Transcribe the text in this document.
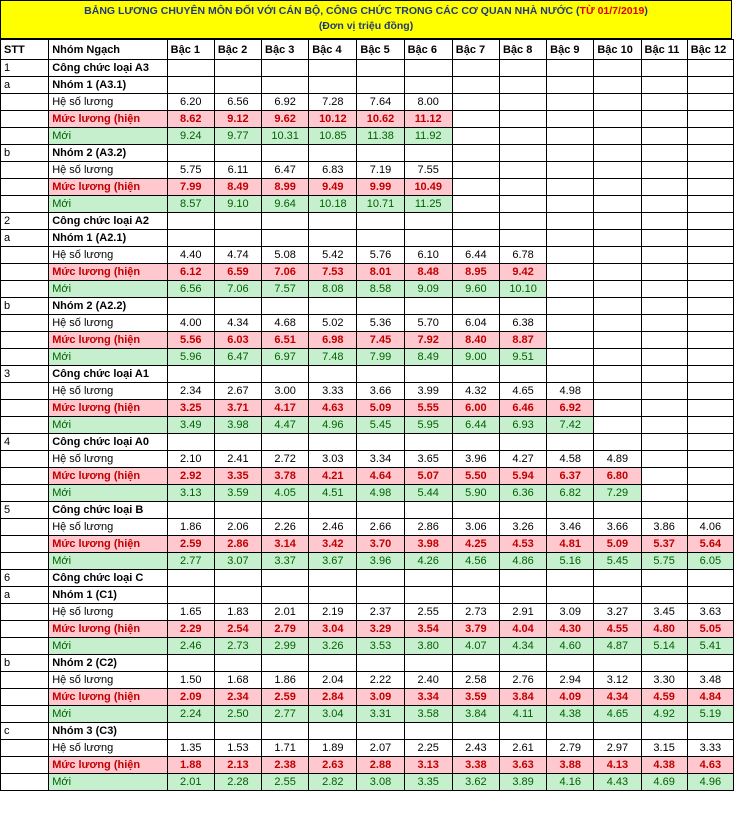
BẢNG LƯƠNG CHUYÊN MÔN ĐỐI VỚI CÁN BỘ, CÔNG CHỨC TRONG CÁC CƠ QUAN NHÀ NƯỚC (TỪ 01/7/2019)
(Đơn vị triệu đồng)
STT	Nhóm Ngạch	Bậc 1	Bậc 2	Bậc 3	Bậc 4	Bậc 5	Bậc 6	Bậc 7	Bậc 8	Bậc 9	Bậc 10	Bậc 11	Bậc 12
1	Công chức loại A3												
a	Nhóm 1 (A3.1)												
	Hệ số lương	6.20	6.56	6.92	7.28	7.64	8.00						
	Mức lương (hiện	8.62	9.12	9.62	10.12	10.62	11.12						
	Mới	9.24	9.77	10.31	10.85	11.38	11.92						
b	Nhóm 2 (A3.2)												
	Hệ số lương	5.75	6.11	6.47	6.83	7.19	7.55						
	Mức lương (hiện	7.99	8.49	8.99	9.49	9.99	10.49						
	Mới	8.57	9.10	9.64	10.18	10.71	11.25						
2	Công chức loại A2												
a	Nhóm 1 (A2.1)												
	Hệ số lương	4.40	4.74	5.08	5.42	5.76	6.10	6.44	6.78				
	Mức lương (hiện	6.12	6.59	7.06	7.53	8.01	8.48	8.95	9.42				
	Mới	6.56	7.06	7.57	8.08	8.58	9.09	9.60	10.10				
b	Nhóm 2 (A2.2)												
	Hệ số lương	4.00	4.34	4.68	5.02	5.36	5.70	6.04	6.38				
	Mức lương (hiện	5.56	6.03	6.51	6.98	7.45	7.92	8.40	8.87				
	Mới	5.96	6.47	6.97	7.48	7.99	8.49	9.00	9.51				
3	Công chức loại A1												
	Hệ số lương	2.34	2.67	3.00	3.33	3.66	3.99	4.32	4.65	4.98			
	Mức lương (hiện	3.25	3.71	4.17	4.63	5.09	5.55	6.00	6.46	6.92			
	Mới	3.49	3.98	4.47	4.96	5.45	5.95	6.44	6.93	7.42			
4	Công chức loại A0												
	Hệ số lương	2.10	2.41	2.72	3.03	3.34	3.65	3.96	4.27	4.58	4.89		
	Mức lương (hiện	2.92	3.35	3.78	4.21	4.64	5.07	5.50	5.94	6.37	6.80		
	Mới	3.13	3.59	4.05	4.51	4.98	5.44	5.90	6.36	6.82	7.29		
5	Công chức loại B												
	Hệ số lương	1.86	2.06	2.26	2.46	2.66	2.86	3.06	3.26	3.46	3.66	3.86	4.06
	Mức lương (hiện	2.59	2.86	3.14	3.42	3.70	3.98	4.25	4.53	4.81	5.09	5.37	5.64
	Mới	2.77	3.07	3.37	3.67	3.96	4.26	4.56	4.86	5.16	5.45	5.75	6.05
6	Công chức loại C												
a	Nhóm 1 (C1)												
	Hệ số lương	1.65	1.83	2.01	2.19	2.37	2.55	2.73	2.91	3.09	3.27	3.45	3.63
	Mức lương (hiện	2.29	2.54	2.79	3.04	3.29	3.54	3.79	4.04	4.30	4.55	4.80	5.05
	Mới	2.46	2.73	2.99	3.26	3.53	3.80	4.07	4.34	4.60	4.87	5.14	5.41
b	Nhóm 2 (C2)												
	Hệ số lương	1.50	1.68	1.86	2.04	2.22	2.40	2.58	2.76	2.94	3.12	3.30	3.48
	Mức lương (hiện	2.09	2.34	2.59	2.84	3.09	3.34	3.59	3.84	4.09	4.34	4.59	4.84
	Mới	2.24	2.50	2.77	3.04	3.31	3.58	3.84	4.11	4.38	4.65	4.92	5.19
c	Nhóm 3 (C3)												
	Hệ số lương	1.35	1.53	1.71	1.89	2.07	2.25	2.43	2.61	2.79	2.97	3.15	3.33
	Mức lương (hiện	1.88	2.13	2.38	2.63	2.88	3.13	3.38	3.63	3.88	4.13	4.38	4.63
	Mới	2.01	2.28	2.55	2.82	3.08	3.35	3.62	3.89	4.16	4.43	4.69	4.96
